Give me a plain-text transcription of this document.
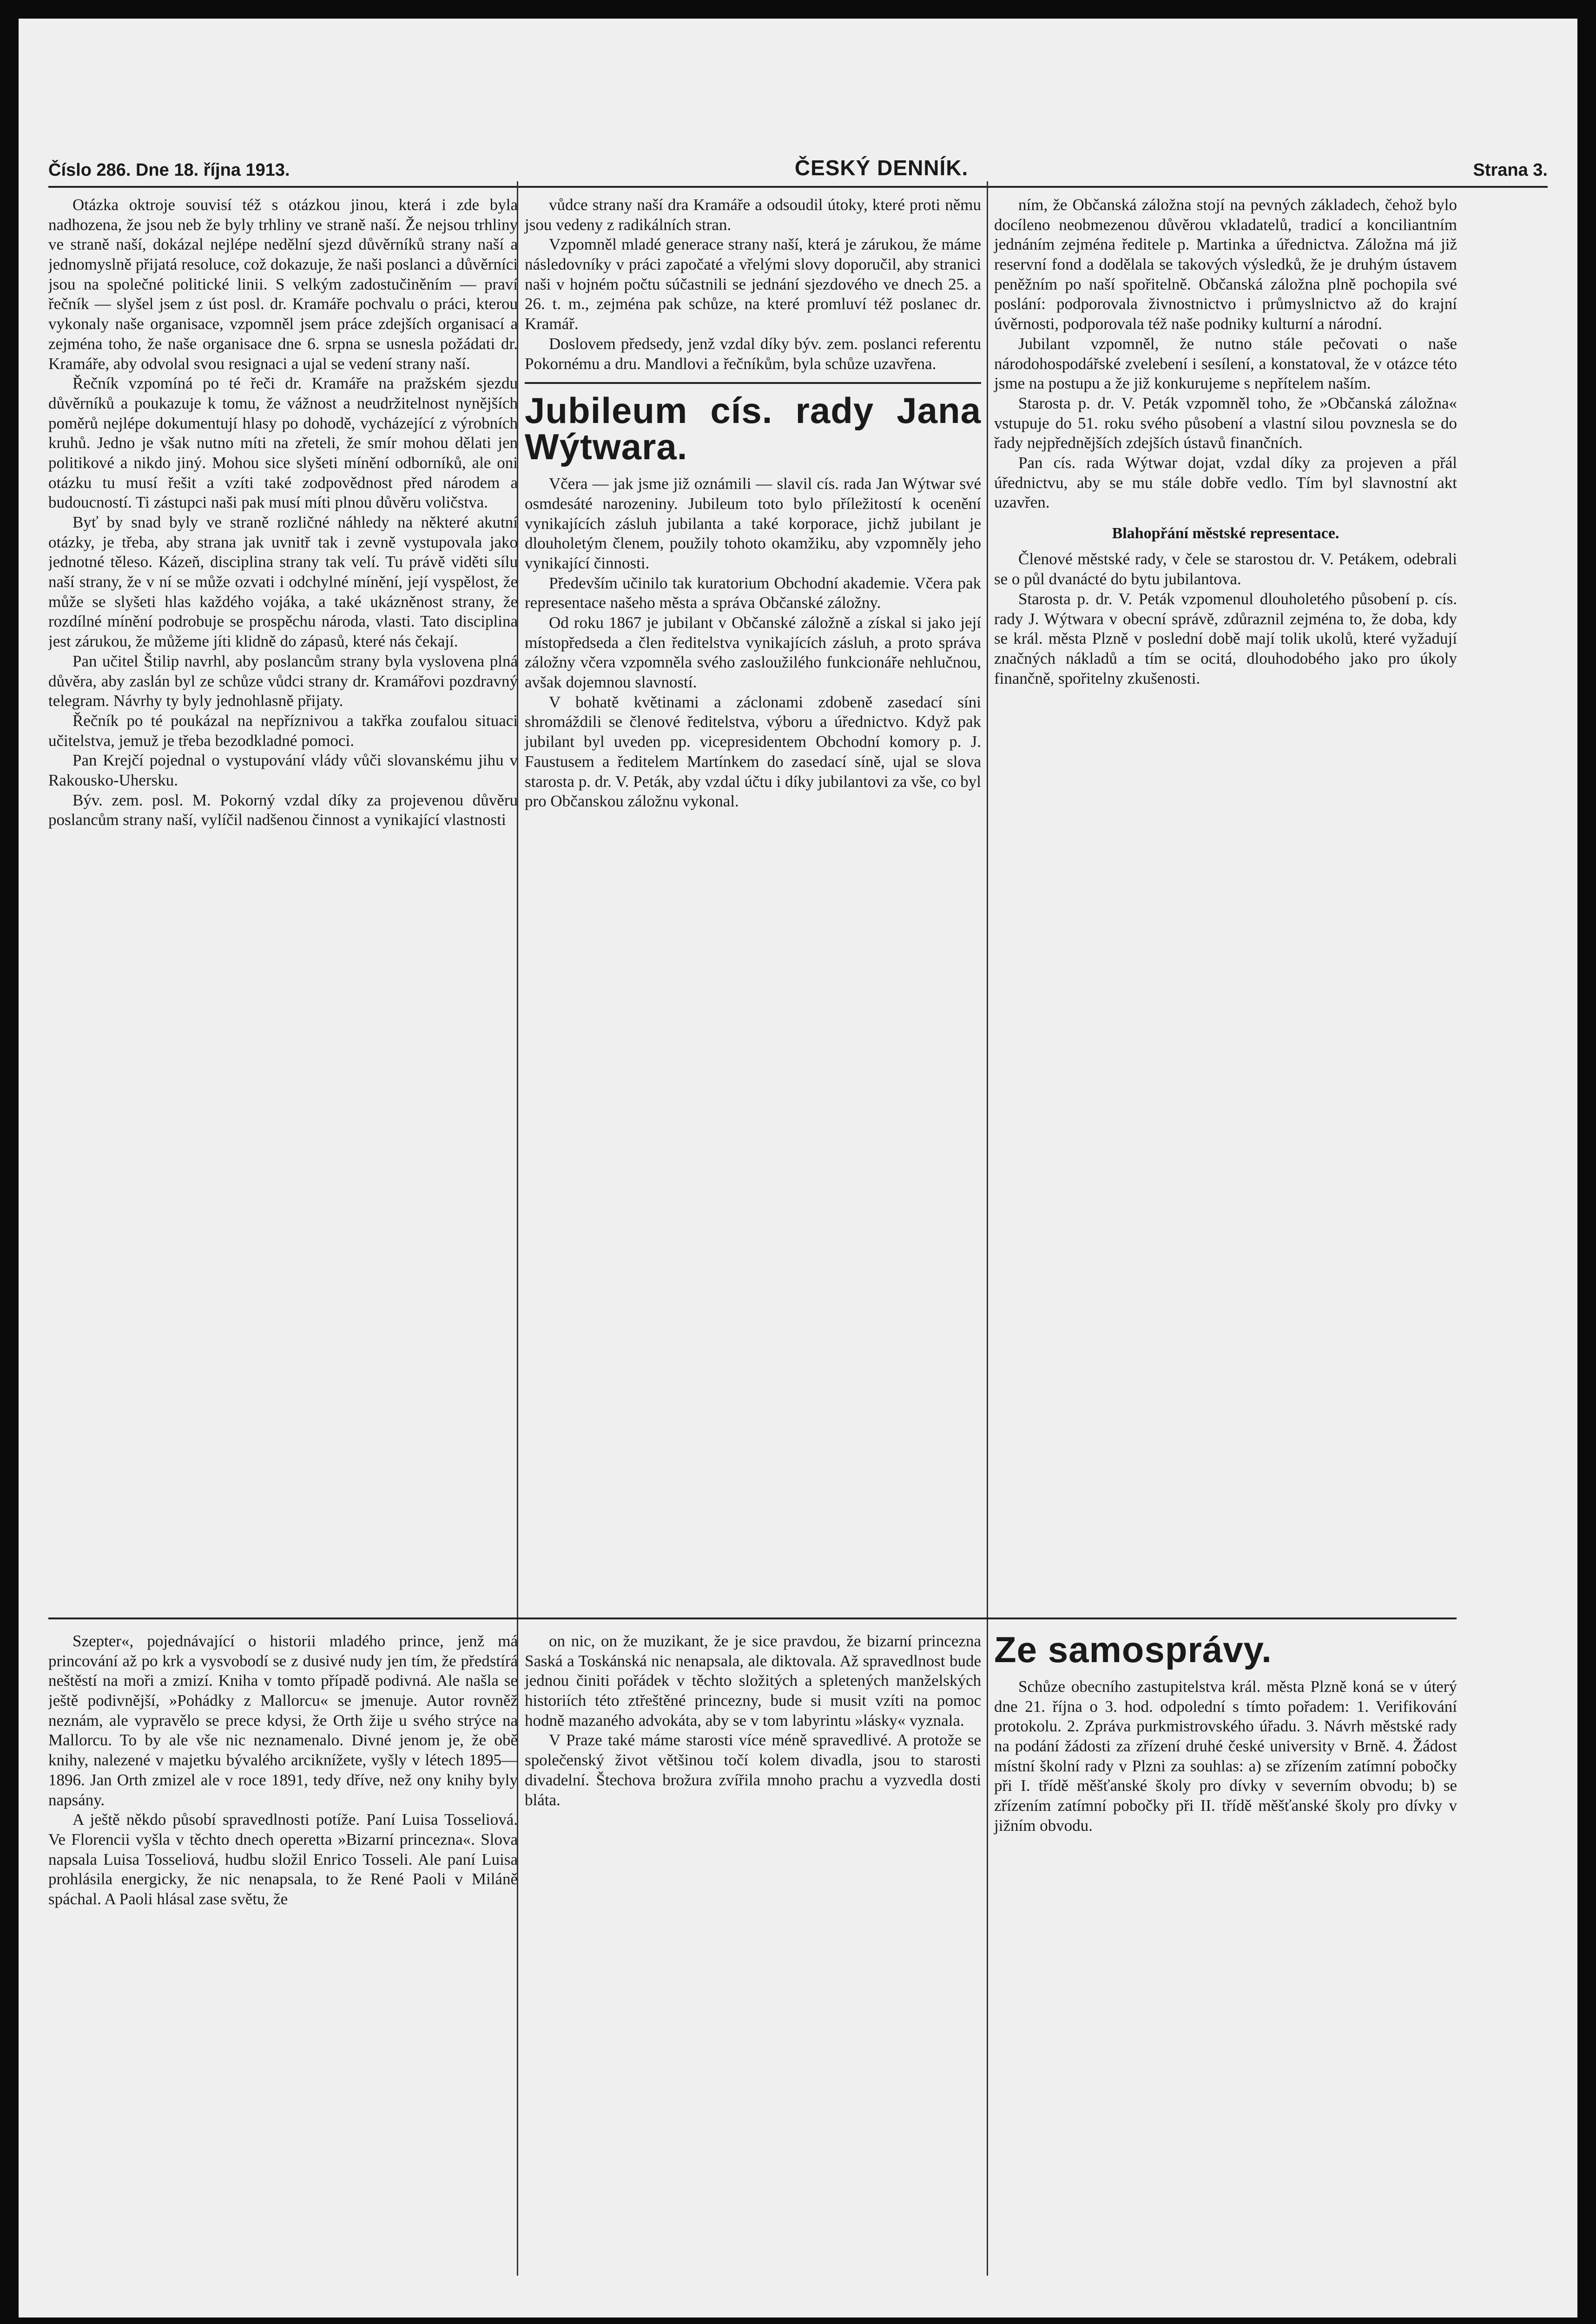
Číslo 286. Dne 18. října 1913.	ČESKÝ DENNÍK.	Strana 3.

Otázka oktroje souvisí též s otázkou jinou, která i zde byla nadhozena, že jsou neb že byly trhliny ve straně naší. Že nejsou trhliny ve straně naší, dokázal nejlépe nedělní sjezd důvěrníků strany naší a jednomyslně přijatá resoluce, což dokazuje, že naši poslanci a důvěrníci jsou na společné politické linii. S velkým zadostučiněním — praví řečník — slyšel jsem z úst posl. dr. Kramáře pochvalu o práci, kterou vykonaly naše organisace, vzpomněl jsem práce zdejších organisací a zejména toho, že naše organisace dne 6. srpna se usnesla požádati dr. Kramáře, aby odvolal svou resignaci a ujal se vedení strany naší.

Řečník vzpomíná po té řeči dr. Kramáře na pražském sjezdu důvěrníků a poukazuje k tomu, že vážnost a neudržitelnost nynějších poměrů nejlépe dokumentují hlasy po dohodě, vycházející z výrobních kruhů. Jedno je však nutno míti na zřeteli, že smír mohou dělati jen politikové a nikdo jiný. Mohou sice slyšeti mínění odborníků, ale oni otázku tu musí řešit a vzíti také zodpovědnost před národem a budoucností. Ti zástupci naši pak musí míti plnou důvěru voličstva.

Byť by snad byly ve straně rozličné náhledy na některé akutní otázky, je třeba, aby strana jak uvnitř tak i zevně vystupovala jako jednotné těleso. Kázeň, disciplina strany tak velí. Tu právě viděti sílu naší strany, že v ní se může ozvati i odchylné mínění, její vyspělost, že může se slyšeti hlas každého vojáka, a také ukázněnost strany, že rozdílné mínění podrobuje se prospěchu národa, vlasti. Tato disciplina jest zárukou, že můžeme jíti klidně do zápasů, které nás čekají.

Pan učitel Štilip navrhl, aby poslancům strany byla vyslovena plná důvěra, aby zaslán byl ze schůze vůdci strany dr. Kramářovi pozdravný telegram. Návrhy ty byly jednohlasně přijaty.

Řečník po té poukázal na nepříznivou a takřka zoufalou situaci učitelstva, jemuž je třeba bezodkladné pomoci.

Pan Krejčí pojednal o vystupování vlády vůči slovanskému jihu v Rakousko-Uhersku.

Býv. zem. posl. M. Pokorný vzdal díky za projevenou důvěru poslancům strany naší, vylíčil nadšenou činnost a vynikající vlastnosti

Szepter«, pojednávající o historii mladého prince, jenž má princování až po krk a vysvobodí se z dusivé nudy jen tím, že předstírá neštěstí na moři a zmizí. Kniha v tomto případě podivná. Ale našla se ještě podivnější, »Pohádky z Mallorcu« se jmenuje. Autor rovněž neznám, ale vypravělo se prece kdysi, že Orth žije u svého strýce na Mallorcu. To by ale vše nic neznamenalo. Divné jenom je, že obě knihy, nalezené v majetku bývalého arciknížete, vyšly v létech 1895—1896. Jan Orth zmizel ale v roce 1891, tedy dříve, než ony knihy byly napsány.

A ještě někdo působí spravedlnosti potíže. Paní Luisa Tosseliová. Ve Florencii vyšla v těchto dnech operetta »Bizarní princezna«. Slova napsala Luisa Tosseliová, hudbu složil Enrico Tosseli. Ale paní Luisa prohlásila energicky, že nic nenapsala, to že René Paoli v Miláně spáchal. A Paoli hlásal zase světu, že

vůdce strany naší dra Kramáře a odsoudil útoky, které proti němu jsou vedeny z radikálních stran.

Vzpomněl mladé generace strany naší, která je zárukou, že máme následovníky v práci započaté a vřelými slovy doporučil, aby stranici naši v hojném počtu súčastnili se jednání sjezdového ve dnech 25. a 26. t. m., zejména pak schůze, na které promluví též poslanec dr. Kramář.

Doslovem předsedy, jenž vzdal díky býv. zem. poslanci referentu Pokornému a dru. Mandlovi a řečníkům, byla schůze uzavřena.

Jubileum cís. rady Jana Wýtwara.

Včera — jak jsme již oznámili — slavil cís. rada Jan Wýtwar své osmdesáté narozeniny. Jubileum toto bylo příležitostí k ocenění vynikajících zásluh jubilanta a také korporace, jichž jubilant je dlouholetým členem, použily tohoto okamžiku, aby vzpomněly jeho vynikající činnosti.

Především učinilo tak kuratorium Obchodní akademie. Včera pak representace našeho města a správa Občanské záložny.

Od roku 1867 je jubilant v Občanské záložně a získal si jako její místopředseda a člen ředitelstva vynikajících zásluh, a proto správa záložny včera vzpomněla svého zasloužilého funkcionáře nehlučnou, avšak dojemnou slavností.

V bohatě květinami a záclonami zdobeně zasedací síni shromáždili se členové ředitelstva, výboru a úřednictvo. Když pak jubilant byl uveden pp. vicepresidentem Obchodní komory p. J. Faustusem a ředitelem Martínkem do zasedací síně, ujal se slova starosta p. dr. V. Peták, aby vzdal účtu i díky jubilantovi za vše, co byl pro Občanskou záložnu vykonal.

on nic, on že muzikant, že je sice pravdou, že bizarní princezna Saská a Toskánská nic nenapsala, ale diktovala. Až spravedlnost bude jednou činiti pořádek v těchto složitých a spletených manželských historiích této ztřeštěné princezny, bude si musit vzíti na pomoc hodně mazaného advokáta, aby se v tom labyrintu »lásky« vyznala.

V Praze také máme starosti více méně spravedlivé. A protože se společenský život většinou točí kolem divadla, jsou to starosti divadelní. Štechova brožura zvířila mnoho prachu a vyzvedla dosti bláta.

ním, že Občanská záložna stojí na pevných základech, čehož bylo docíleno neobmezenou důvěrou vkladatelů, tradicí a konciliantním jednáním zejména ředitele p. Martinka a úřednictva. Záložna má již reservní fond a dodělala se takových výsledků, že je druhým ústavem peněžním po naší spořitelně. Občanská záložna plně pochopila své poslání: podporovala živnostnictvo i průmyslnictvo až do krajní úvěrnosti, podporovala též naše podniky kulturní a národní.

Jubilant vzpomněl, že nutno stále pečovati o naše národohospodářské zvelebení i sesílení, a konstatoval, že v otázce této jsme na postupu a že již konkurujeme s nepřítelem naším.

Starosta p. dr. V. Peták vzpomněl toho, že »Občanská záložna« vstupuje do 51. roku svého působení a vlastní silou povznesla se do řady nejpřednějších zdejších ústavů finančních.

Pan cís. rada Wýtwar dojat, vzdal díky za projeven a přál úřednictvu, aby se mu stále dobře vedlo. Tím byl slavnostní akt uzavřen.

Blahopřání městské representace.

Členové městské rady, v čele se starostou dr. V. Petákem, odebrali se o půl dvanácté do bytu jubilantova.

Starosta p. dr. V. Peták vzpomenul dlouholetého působení p. cís. rady J. Wýtwara v obecní správě, zdůraznil zejména to, že doba, kdy se král. města Plzně v poslední době mají tolik ukolů, které vyžadují značných nákladů a tím se ocitá, dlouhodobého jako pro úkoly finančně, spořitelny zkušenosti.

Ze samosprávy.

Schůze obecního zastupitelstva král. města Plzně koná se v úterý dne 21. října o 3. hod. odpolední s tímto pořadem: 1. Verifikování protokolu. 2. Zpráva purkmistrovského úřadu. 3. Návrh městské rady na podání žádosti za zřízení druhé české university v Brně. 4. Žádost místní školní rady v Plzni za souhlas: a) se zřízením zatímní pobočky při I. třídě měšťanské školy pro dívky v severním obvodu; b) se zřízením zatímní pobočky při II. třídě měšťanské školy pro dívky v jižním obvodu.
